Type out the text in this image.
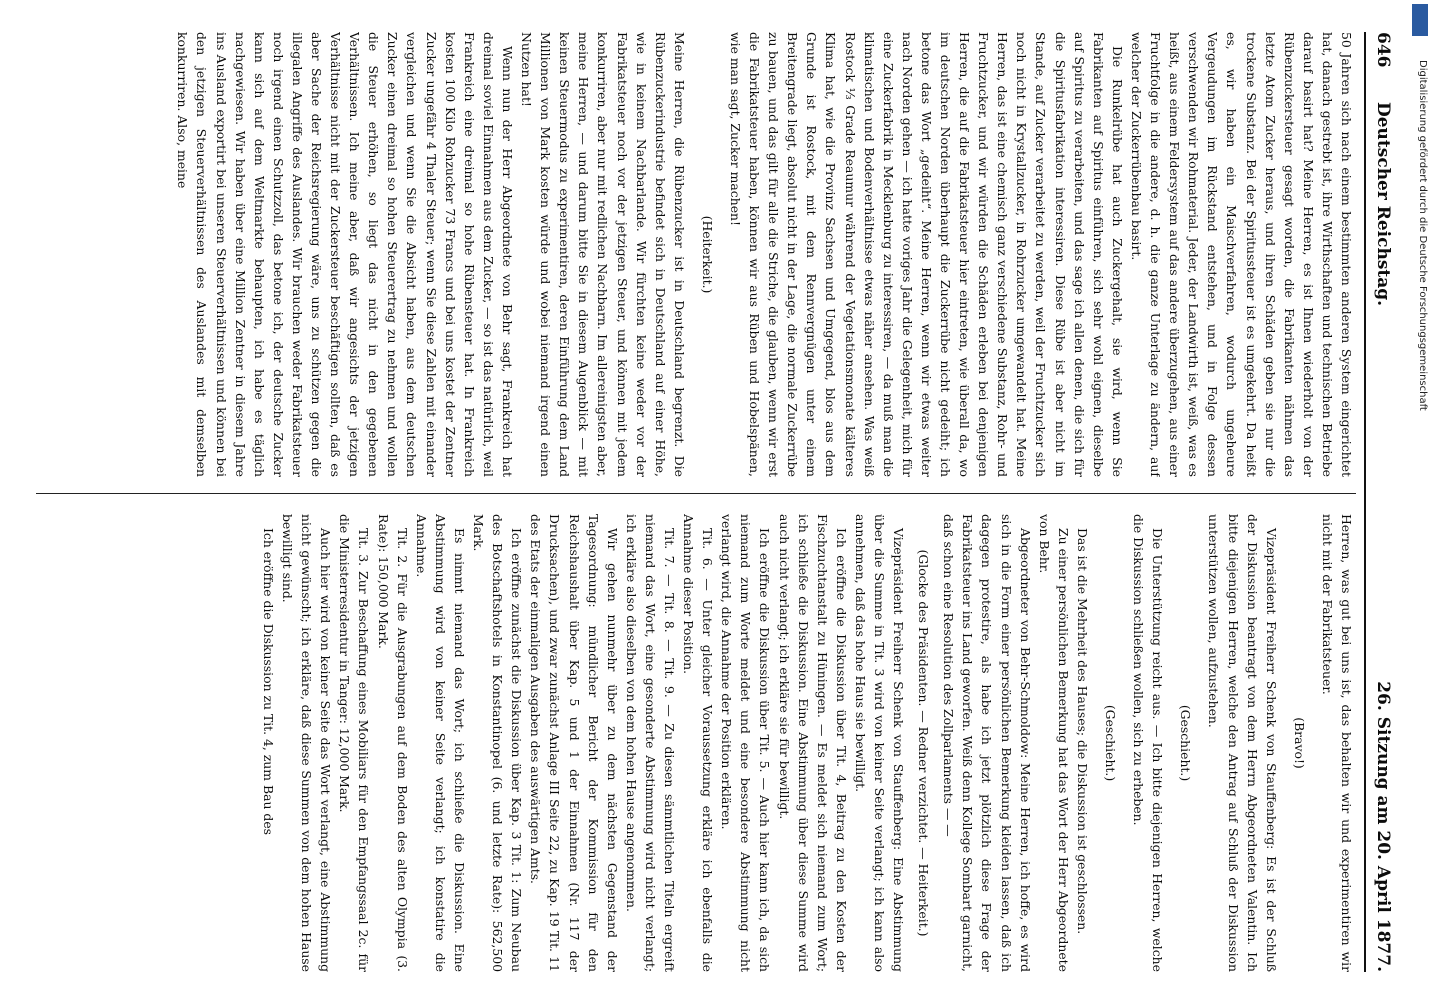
646
Deutscher Reichstag.
26. Sitzung am 20. April 1877.

50 Jahren sich nach einem bestimmten anderen System eingerichtet hat, danach gestrebt ist, ihre Wirthschaften und technischen Betriebe darauf basirt hat? Meine Herren, es ist Ihnen wiederholt von der Rübenzuckersteuer gesagt worden, die Fabrikanten nähmen das letzte Atom Zucker heraus, und ihren Schäden geben sie nur die trockene Substanz. Bei der Spiritussteuer ist es umgekehrt. Da heißt es, wir haben ein Maischverfahren, wodurch ungeheure Vergeudungen im Rückstand entstehen, und in Folge dessen verschwenden wir Rohmaterial. Jeder, der Landwirth ist, weiß, was es heißt, aus einem Feldersystem auf das andere überzugehen, aus einer Fruchtfolge in die andere, d. h. die ganze Unterlage zu ändern, auf welcher der Zuckerrübenbau basirt.

Die Runkelrübe hat auch Zuckergehalt, sie wird, wenn Sie Fabrikanten auf Spiritus einführen, sich sehr wohl eignen, dieselbe auf Spiritus zu verarbeiten, und das sage ich allen denen, die sich für die Spiritusfabrikation interessiren. Diese Rübe ist aber nicht im Stande, auf Zucker verarbeitet zu werden, weil der Fruchtzucker sich noch nicht in Krystallzucker, in Rohrzucker umgewandelt hat. Meine Herren, das ist eine chemisch ganz verschiedene Substanz, Rohr- und Fruchtzucker, und wir würden die Schäden erleben bei denjenigen Herren, die auf die Fabrikatsteuer hier eintreten, wie überall da, wo im deutschen Norden überhaupt die Zuckerrübe nicht gedeiht; ich betone das Wort „gedeiht“. Meine Herren, wenn wir etwas weiter nach Norden gehen — ich hatte voriges Jahr die Gelegenheit, mich für eine Zuckerfabrik in Mecklenburg zu interessiren, — da muß man die klimatischen und Bodenverhältnisse etwas näher ansehen. Was weiß Rostock ⅓ Grade Reaumur während der Vegetationsmonate kälteres Klima hat, wie die Provinz Sachsen und Umgegend, blos aus dem Grunde ist Rostock, mit dem Rennvergnügen unter einem Breitengrade liegt, absolut nicht in der Lage, die normale Zuckerrübe zu bauen, und das gilt für alle die Striche, die glauben, wenn wir erst die Fabrikatsteuer haben, können wir aus Rüben und Hobelspänen, wie man sagt, Zucker machen!

(Heiterkeit.)

Meine Herren, die Rübenzucker ist in Deutschland begrenzt. Die Rübenzuckerindustrie befindet sich in Deutschland auf einer Höhe, wie in keinem Nachbarlande. Wir fürchten keine weder vor der Fabrikatsteuer noch vor der jetzigen Steuer, und können mit jedem konkurriren, aber nur mit redlichen Nachbarn. Im allereinigsten aber, meine Herren, — und darum bitte Sie in diesem Augenblick — mit keinen Steuermodus zu experimentiren, deren Einführung dem Land Millionen von Mark kosten würde und wobei niemand irgend einen Nutzen hat!

Wenn nun der Herr Abgeordnete von Behr sagt, Frankreich hat dreimal soviel Einnahmen aus dem Zucker, — so ist das natürlich, weil Frankreich eine dreimal so hohe Rübensteuer hat. In Frankreich kosten 100 Kilo Rohzucker 73 Francs und bei uns kostet der Zentner Zucker ungefähr 4 Thaler Steuer; wenn Sie diese Zahlen mit einander vergleichen und wenn Sie die Absicht haben, aus dem deutschen Zucker einen dreimal so hohen Steuerertrag zu nehmen und wollen die Steuer erhöhen, so liegt das nicht in den gegebenen Verhältnissen. Ich meine aber, daß wir angesichts der jetzigen Verhältnisse nicht mit der Zuckersteuer beschäftigen sollten, daß es aber Sache der Reichsregierung wäre, uns zu schützen gegen die illegalen Angriffe des Auslandes. Wir brauchen weder Fabrikatsteuer noch irgend einen Schutzzoll, das betone ich, der deutsche Zucker kann sich auf dem Weltmarkte behaupten, ich habe es täglich nachgewiesen. Wir haben über eine Million Zentner in diesem Jahre ins Ausland exportirt bei unseren Steuerverhältnissen und können bei den jetzigen Steuerverhältnissen des Auslandes mit demselben konkurriren. Also, meine

Herren, was gut bei uns ist, das behalten wir und experimentiren wir nicht mit der Fabrikatsteuer.

(Bravo!)

Vizepräsident Freiherr Schenk von Stauffenberg: Es ist der Schluß der Diskussion beantragt von dem Herrn Abgeordneten Valentin. Ich bitte diejenigen Herren, welche den Antrag auf Schluß der Diskussion unterstützen wollen, aufzustehen.

(Geschieht.)

Die Unterstützung reicht aus. — Ich bitte diejenigen Herren, welche die Diskussion schließen wollen, sich zu erheben.

(Geschieht.)

Das ist die Mehrheit des Hauses; die Diskussion ist geschlossen.

Zu einer persönlichen Bemerkung hat das Wort der Herr Abgeordnete von Behr.

Abgeordneter von Behr-Schmoldow: Meine Herren, ich hoffe, es wird sich in die Form einer persönlichen Bemerkung kleiden lassen, daß ich dagegen protestire, als habe ich jetzt plötzlich diese Frage der Fabrikatsteuer ins Land geworfen. Weiß denn Kollege Sombart garnicht, daß schon eine Resolution des Zollparlaments — —

(Glocke des Präsidenten. — Redner verzichtet. — Heiterkeit.)

Vizepräsident Freiherr Schenk von Stauffenberg: Eine Abstimmung über die Summe in Tit. 3 wird von keiner Seite verlangt; ich kann also annehmen, daß das hohe Haus sie bewilligt.

Ich eröffne die Diskussion über Tit. 4, Beitrag zu den Kosten der Fischzuchtanstalt zu Hüningen. — Es meldet sich niemand zum Wort; ich schließe die Diskussion. Eine Abstimmung über diese Summe wird auch nicht verlangt; ich erkläre sie für bewilligt.

Ich eröffne die Diskussion über Tit. 5. — Auch hier kann ich, da sich niemand zum Worte meldet und eine besondere Abstimmung nicht verlangt wird, die Annahme der Position erklären.

Tit. 6. — Unter gleicher Voraussetzung erkläre ich ebenfalls die Annahme dieser Position.

Tit. 7. — Tit. 8. — Tit. 9. — Zu diesen sämmtlichen Titeln ergreift niemand das Wort, eine gesonderte Abstimmung wird nicht verlangt; ich erkläre also dieselben von dem hohen Hause angenommen.

Wir gehen nunmehr über zu dem nächsten Gegenstand der Tagesordnung: mündlicher Bericht der Kommission für den Reichshaushalt über Kap. 5 und 1 der Einnahmen (Nr. 117 der Drucksachen), und zwar zunächst Anlage III Seite 22, zu Kap. 19 Tit. 11 des Etats der einmaligen Ausgaben des auswärtigen Amts.

Ich eröffne zunächst die Diskussion über Kap. 3 Tit. 1: Zum Neubau des Botschaftshotels in Konstantinopel (6. und letzte Rate): 562,500 Mark.

Es nimmt niemand das Wort; ich schließe die Diskussion. Eine Abstimmung wird von keiner Seite verlangt; ich konstatire die Annahme.

Tit. 2. Für die Ausgrabungen auf dem Boden des alten Olympia (3. Rate): 150,000 Mark.

Tit. 3. Zur Beschaffung eines Mobiliars für den Empfangssaal 2c. für die Ministerresidentur in Tanger: 12,000 Mark.

Auch hier wird von keiner Seite das Wort verlangt, eine Abstimmung nicht gewünscht; ich erkläre, daß diese Summen von dem hohen Hause bewilligt sind.

Ich eröffne die Diskussion zu Tit. 4, zum Bau des

Digitalisierung gefördert durch die Deutsche Forschungsgemeinschaft
